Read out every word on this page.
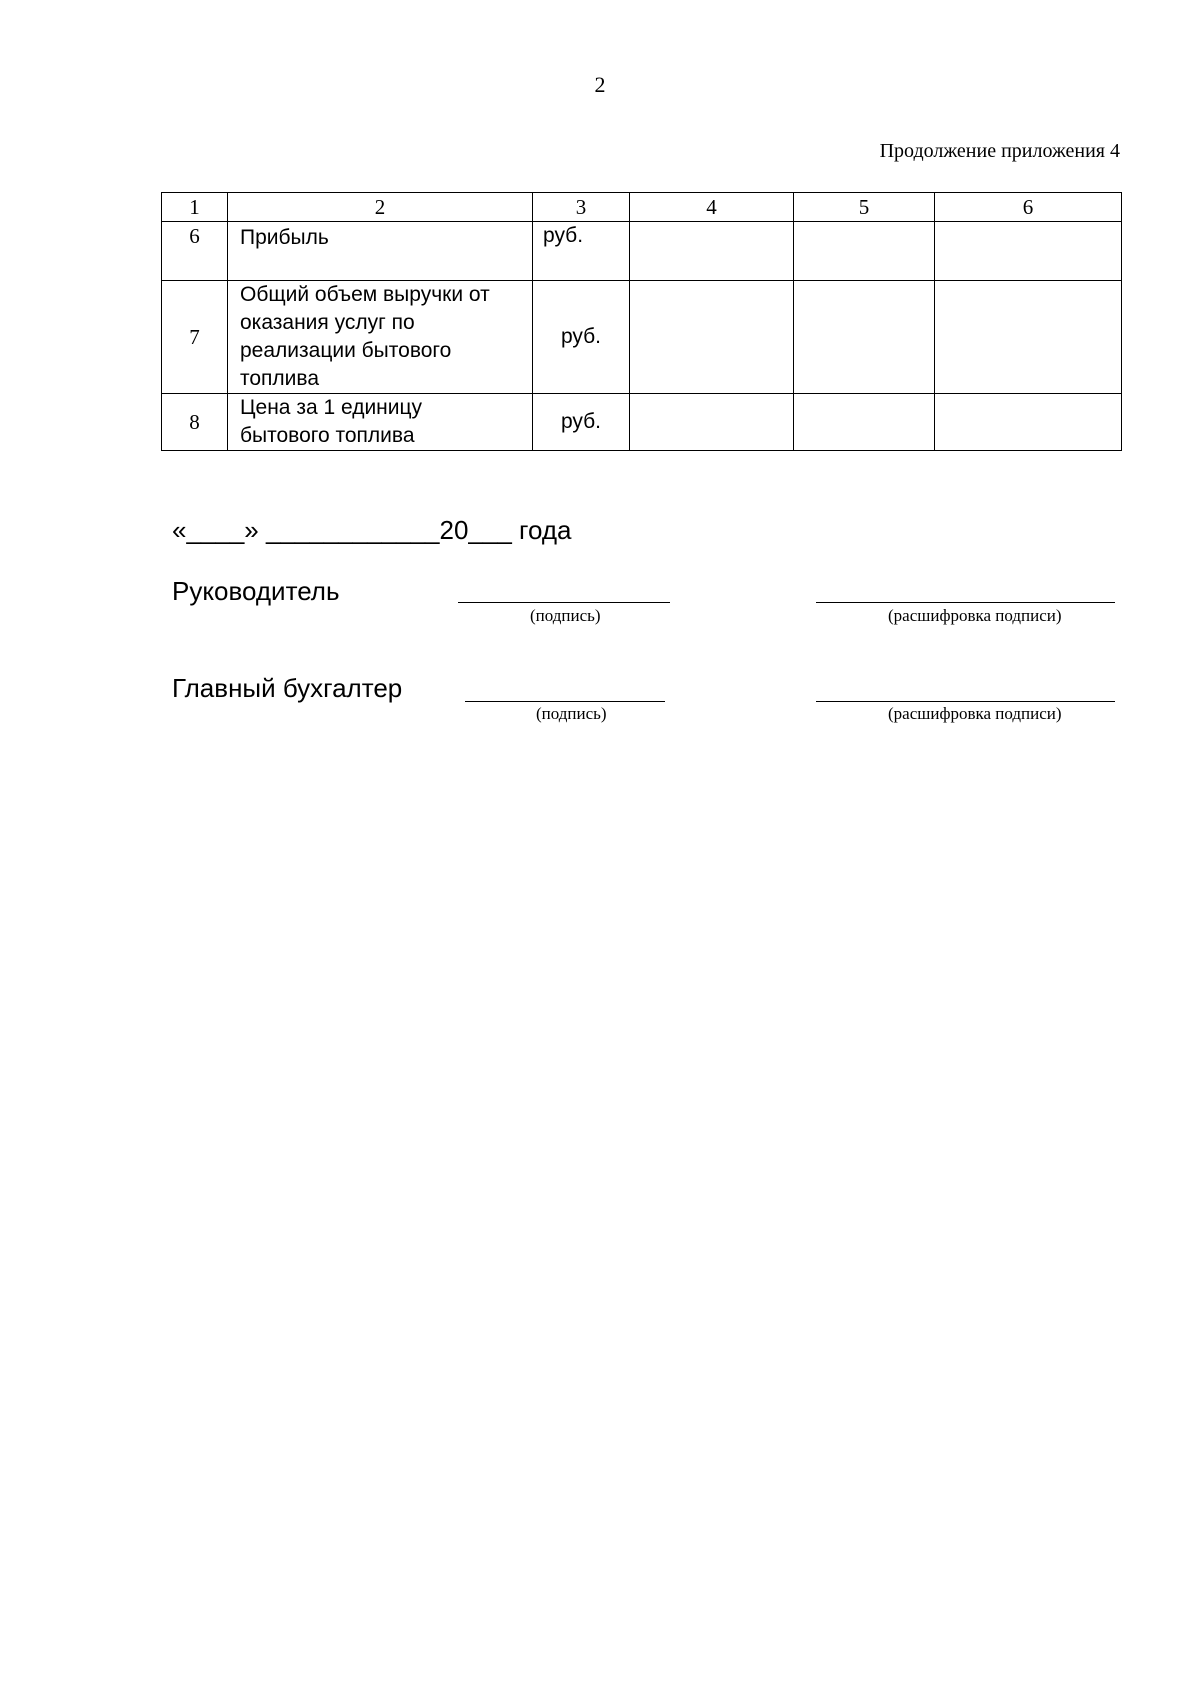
2
Продолжение приложения 4
1	2	3	4	5	6
6	Прибыль	руб.			
7	Общий объем выручки от
оказания услуг по
реализации бытового
топлива	руб.			
8	Цена за 1 единицу
бытового топлива	руб.			
«____» ____________20___ года
Руководитель
(подпись)	(расшифровка подписи)
Главный бухгалтер
(подпись)	(расшифровка подписи)
